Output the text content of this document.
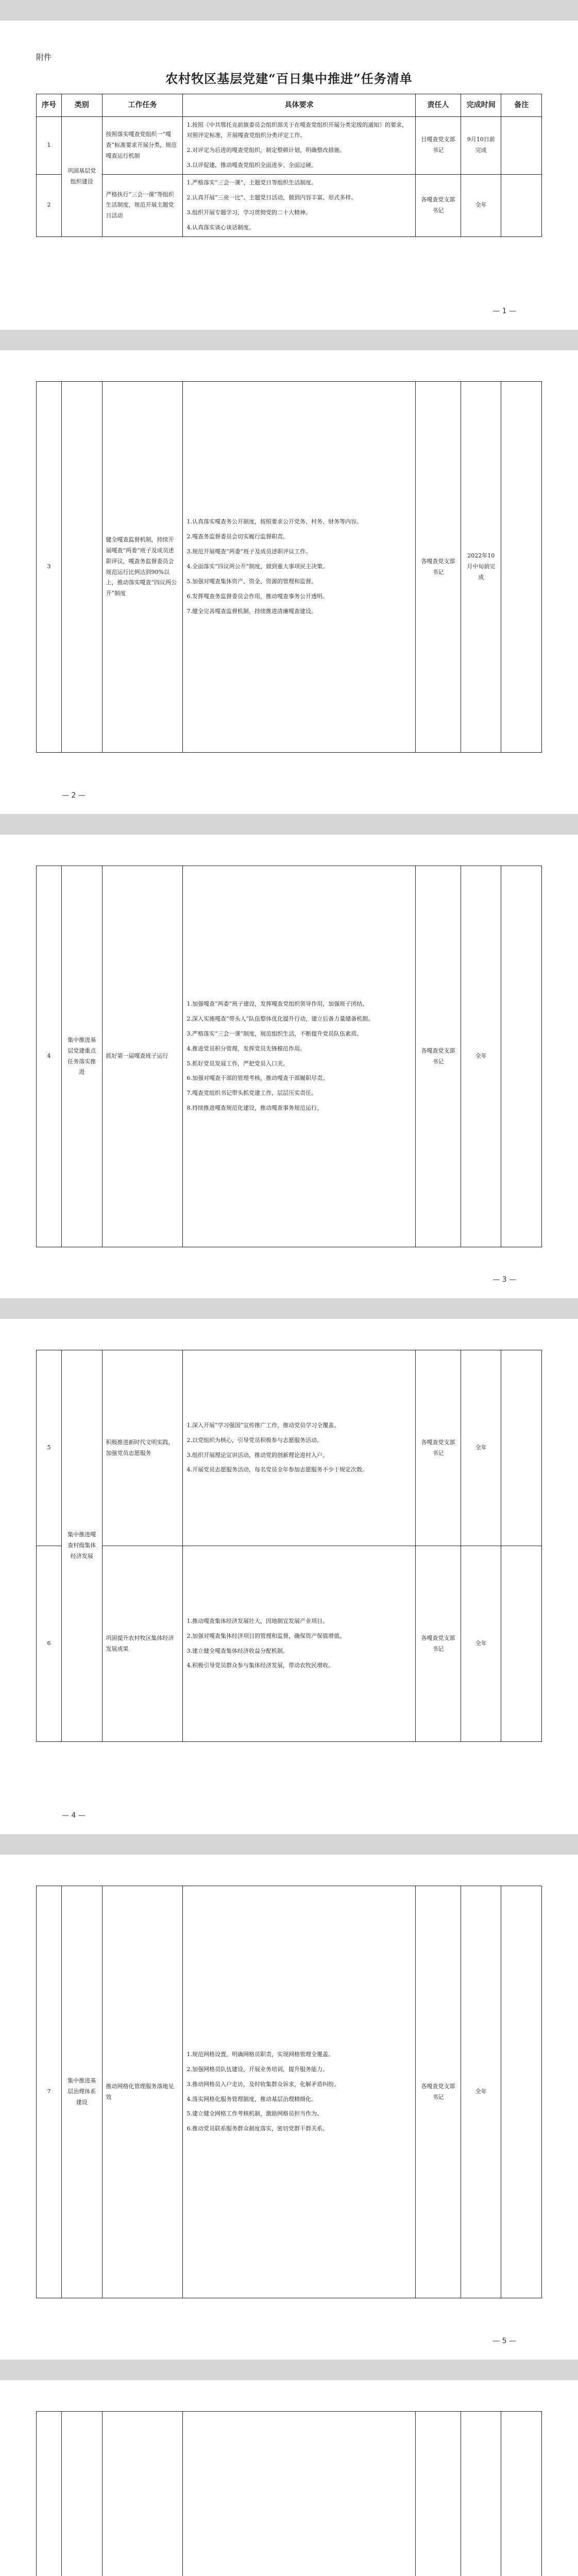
附件
农村牧区基层党建“百日集中推进”任务清单
序号	类别	工作任务	具体要求	责任人	完成时间	备注
1	巩固基层党组织建设	按照落实嘎查党组织一“嘎查”标准要求开展分类，规范嘎查运行机制	1.按照《中共鄂托克前旗委员会组织部关于在嘎查党组织开展分类定级的通知》的要求，对照评定标准，开展嘎查党组织分类评定工作。

2.对评定为后进的嘎查党组织，制定整顿计划，明确整改措施。

3.以评促建，推动嘎查党组织全面进步、全面过硬。	目嘎查党支部书记	9月10日前完成	
2		严格执行“三会一课”等组织生活制度，规范开展主题党日活动	1.严格落实“三会一课”、主题党日等组织生活制度。

2.认真开展“三亮一比”、主题党日活动，做到内容丰富、形式多样。

3.组织开展专题学习，学习贯彻党的二十大精神。

4.认真落实谈心谈话制度。	各嘎查党支部书记	全年	
— 1 —
3		健全嘎查监督机制，持续开展嘎查“两委”班子及成员述职评议，嘎查务监督委员会规范运行比例达到90%以上，推动落实嘎查“四议两公开”制度	

1.认真落实嘎查务公开制度，按照要求公开党务、村务、财务等内容。

2.嘎查务监督委员会切实履行监督职责。

3.规范开展嘎查“两委”班子及成员述职评议工作。

4.全面落实“四议两公开”制度，做到重大事项民主决策。

5.加强对嘎查集体资产、资金、资源的管理和监督。

6.发挥嘎查务监督委员会作用，推动嘎查事务公开透明。

7.健全完善嘎查监督机制，持续推进清廉嘎查建设。

	各嘎查党支部书记	2022年10月中旬前完成	
— 2 —
4	集中推进基层党建重点任务落实推进	抓好第一届嘎查班子运行	

1.加强嘎查“两委”班子建设，发挥嘎查党组织领导作用，加强班子团结。

2.深入实施嘎查“带头人”队伍整体优化提升行动，建立后备力量储备机制。

3.严格落实“三会一课”制度，规范组织生活，不断提升党员队伍素质。

4.推进党员积分管理，发挥党员先锋模范作用。

5.抓好党员发展工作，严把党员入口关。

6.加强对嘎查干部的管理考核，推动嘎查干部履职尽责。

7.嘎查党组织书记带头抓党建工作，层层压实责任。

8.持续推进嘎查规范化建设，推动嘎查事务规范运行。

	各嘎查党支部书记	全年	
— 3 —
5	集中推进嘎查村级集体经济发展	积极推进新时代文明实践，加强党员志愿服务	1.深入开展“学习强国”宣传推广工作，推动党员学习全覆盖。

2.以党组织为核心，引导党员积极参与志愿服务活动。

3.组织开展理论宣讲活动，推动党的创新理论进村入户。

4.开展党员志愿服务活动，每名党员全年参加志愿服务不少于规定次数。	各嘎查党支部书记	全年	
6		巩固提升农村牧区集体经济发展成果	1.推动嘎查集体经济发展壮大，因地制宜发展产业项目。

2.加强对嘎查集体经济项目的管理和监督，确保资产保值增值。

3.建立健全嘎查集体经济收益分配机制。

4.积极引导党员群众参与集体经济发展，带动农牧民增收。	各嘎查党支部书记	全年	
— 4 —
7	集中推进基层治理体系建设	推动网格化管理服务落地见效	

1.规范网格设置，明确网格员职责，实现网格管理全覆盖。

2.加强网格员队伍建设，开展业务培训，提升服务能力。

3.推动网格员入户走访，及时收集群众诉求，化解矛盾纠纷。

4.落实网格化服务管理制度，推动基层治理精细化。

5.建立健全网格工作考核机制，激励网格员担当作为。

6.推动党员联系服务群众制度落实，密切党群干群关系。

	各嘎查党支部书记	全年	
— 5 —
